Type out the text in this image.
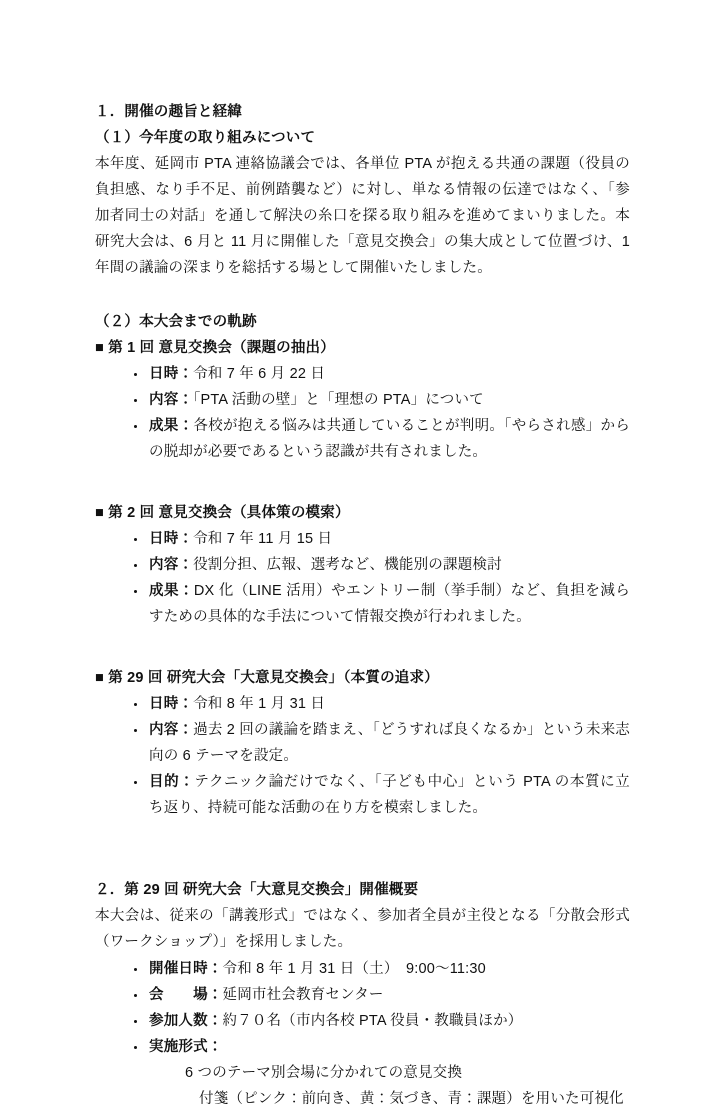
１．開催の趣旨と経緯
（１）今年度の取り組みについて

本年度、延岡市 PTA 連絡協議会では、各単位 PTA が抱える共通の課題（役員の負担感、なり手不足、前例踏襲など）に対し、単なる情報の伝達ではなく、「参加者同士の対話」を通して解決の糸口を探る取り組みを進めてまいりました。本研究大会は、6 月と 11 月に開催した「意見交換会」の集大成として位置づけ、1 年間の議論の深まりを総括する場として開催いたしました。

（２）本大会までの軌跡
■ 第 1 回 意見交換会（課題の抽出）
• 日時：令和 7 年 6 月 22 日
• 内容：「PTA 活動の壁」と「理想の PTA」について
• 成果：各校が抱える悩みは共通していることが判明。「やらされ感」からの脱却が必要であるという認識が共有されました。
■ 第 2 回 意見交換会（具体策の模索）
• 日時：令和 7 年 11 月 15 日
• 内容：役割分担、広報、選考など、機能別の課題検討
• 成果：DX 化（LINE 活用）やエントリー制（挙手制）など、負担を減らすための具体的な手法について情報交換が行われました。
■ 第 29 回 研究大会「大意見交換会」（本質の追求）
• 日時：令和 8 年 1 月 31 日
• 内容：過去 2 回の議論を踏まえ、「どうすれば良くなるか」という未来志向の 6 テーマを設定。
• 目的：テクニック論だけでなく、「子ども中心」という PTA の本質に立ち返り、持続可能な活動の在り方を模索しました。
２．第 29 回 研究大会「大意見交換会」開催概要

本大会は、従来の「講義形式」ではなく、参加者全員が主役となる「分散会形式（ワークショップ）」を採用しました。

• 開催日時：令和 8 年 1 月 31 日（土）　9:00～11:30
• 会　　場：延岡市社会教育センター
• 参加人数：約７０名（市内各校 PTA 役員・教職員ほか）
• 実施形式：

6 つのテーマ別会場に分かれての意見交換

付箋（ピンク：前向き、黄：気づき、青：課題）を用いた可視化
